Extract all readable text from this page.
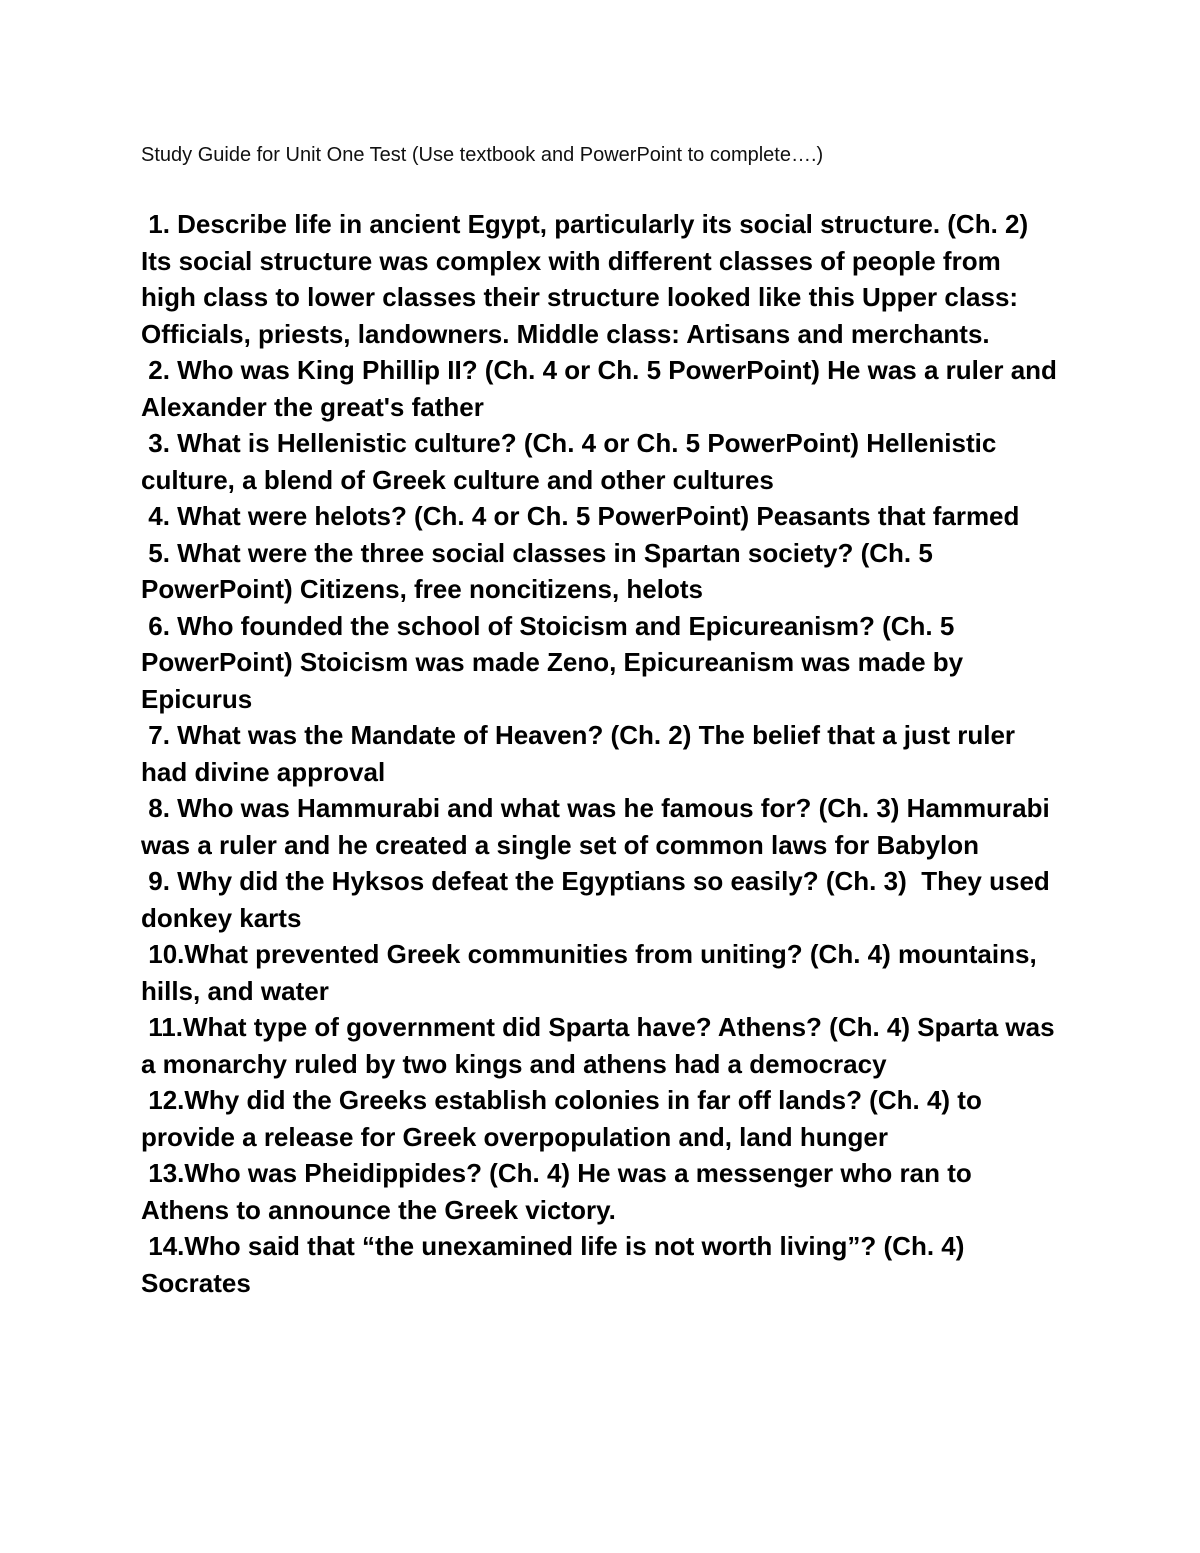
Study Guide for Unit One Test (Use textbook and PowerPoint to complete….)
1. Describe life in ancient Egypt, particularly its social structure. (Ch. 2) Its social structure was complex with different classes of people from high class to lower classes their structure looked like this Upper class: Officials, priests, landowners. Middle class: Artisans and merchants.
2. Who was King Phillip II? (Ch. 4 or Ch. 5 PowerPoint) He was a ruler and Alexander the great's father
3. What is Hellenistic culture? (Ch. 4 or Ch. 5 PowerPoint) Hellenistic culture, a blend of Greek culture and other cultures
4. What were helots? (Ch. 4 or Ch. 5 PowerPoint) Peasants that farmed
5. What were the three social classes in Spartan society? (Ch. 5 PowerPoint) Citizens, free noncitizens, helots
6. Who founded the school of Stoicism and Epicureanism? (Ch. 5 PowerPoint) Stoicism was made Zeno, Epicureanism was made by Epicurus
7. What was the Mandate of Heaven? (Ch. 2) The belief that a just ruler had divine approval
8. Who was Hammurabi and what was he famous for? (Ch. 3) Hammurabi was a ruler and he created a single set of common laws for Babylon
9. Why did the Hyksos defeat the Egyptians so easily? (Ch. 3)  They used donkey karts
10.What prevented Greek communities from uniting? (Ch. 4) mountains, hills, and water
11.What type of government did Sparta have? Athens? (Ch. 4) Sparta was a monarchy ruled by two kings and athens had a democracy
12.Why did the Greeks establish colonies in far off lands? (Ch. 4) to provide a release for Greek overpopulation and, land hunger
13.Who was Pheidippides? (Ch. 4) He was a messenger who ran to Athens to announce the Greek victory.
14.Who said that “the unexamined life is not worth living”? (Ch. 4) Socrates
